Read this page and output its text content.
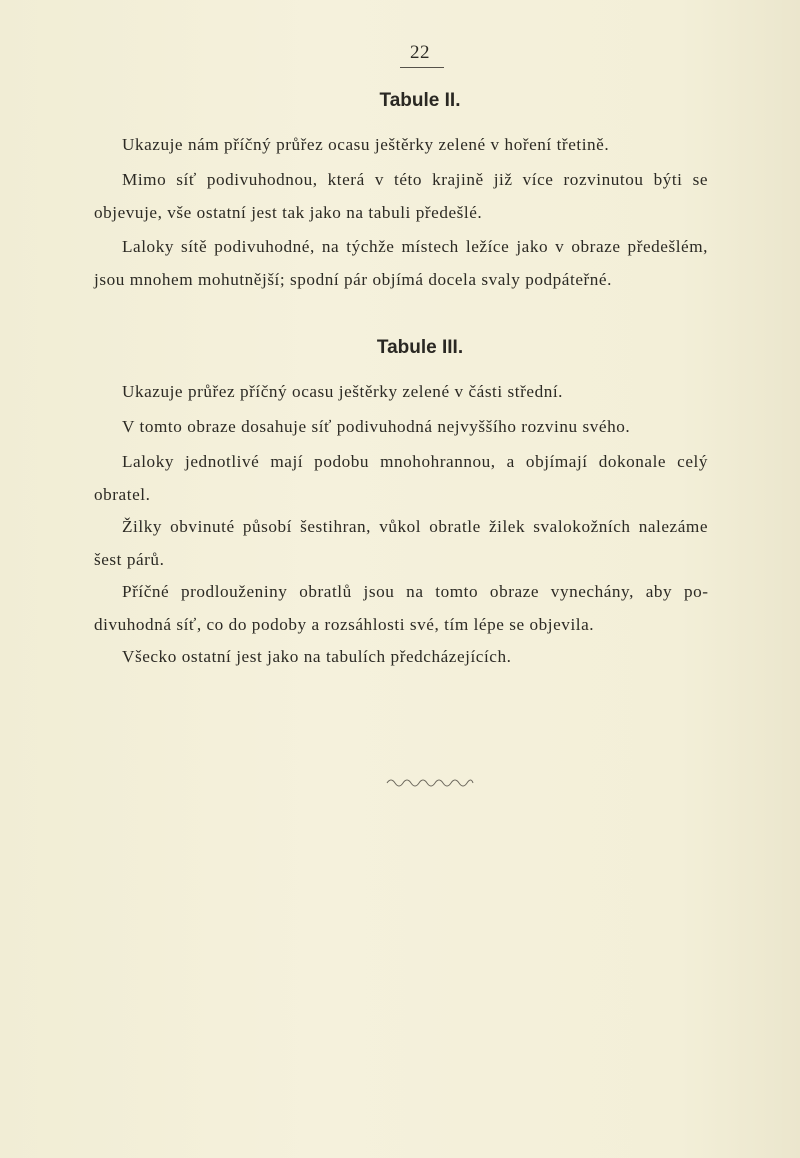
22
Tabule II.

Ukazuje nám příčný průřez ocasu ještěrky zelené v hoření třetině.

Mimo síť podivuhodnou, která v této krajině již více rozvinutou býti se objevuje, vše ostatní jest tak jako na tabuli předešlé.

Laloky sítě podivuhodné, na týchže místech ležíce jako v obraze předešlém, jsou mnohem mohutnější; spodní pár objímá docela svaly podpáteřné.

Tabule III.

Ukazuje průřez příčný ocasu ještěrky zelené v části střední.

V tomto obraze dosahuje síť podivuhodná nejvyššího rozvinu svého.

Laloky jednotlivé mají podobu mnohohrannou, a objímají dokonale celý obratel.

Žilky obvinuté působí šestihran, vůkol obratle žilek svalokožních nalezáme šest párů.

Příčné prodlouženiny obratlů jsou na tomto obraze vynechány, aby podivuhodná síť, co do podoby a rozsáhlosti své, tím lépe se objevila.

Všecko ostatní jest jako na tabulích předcházejících.
